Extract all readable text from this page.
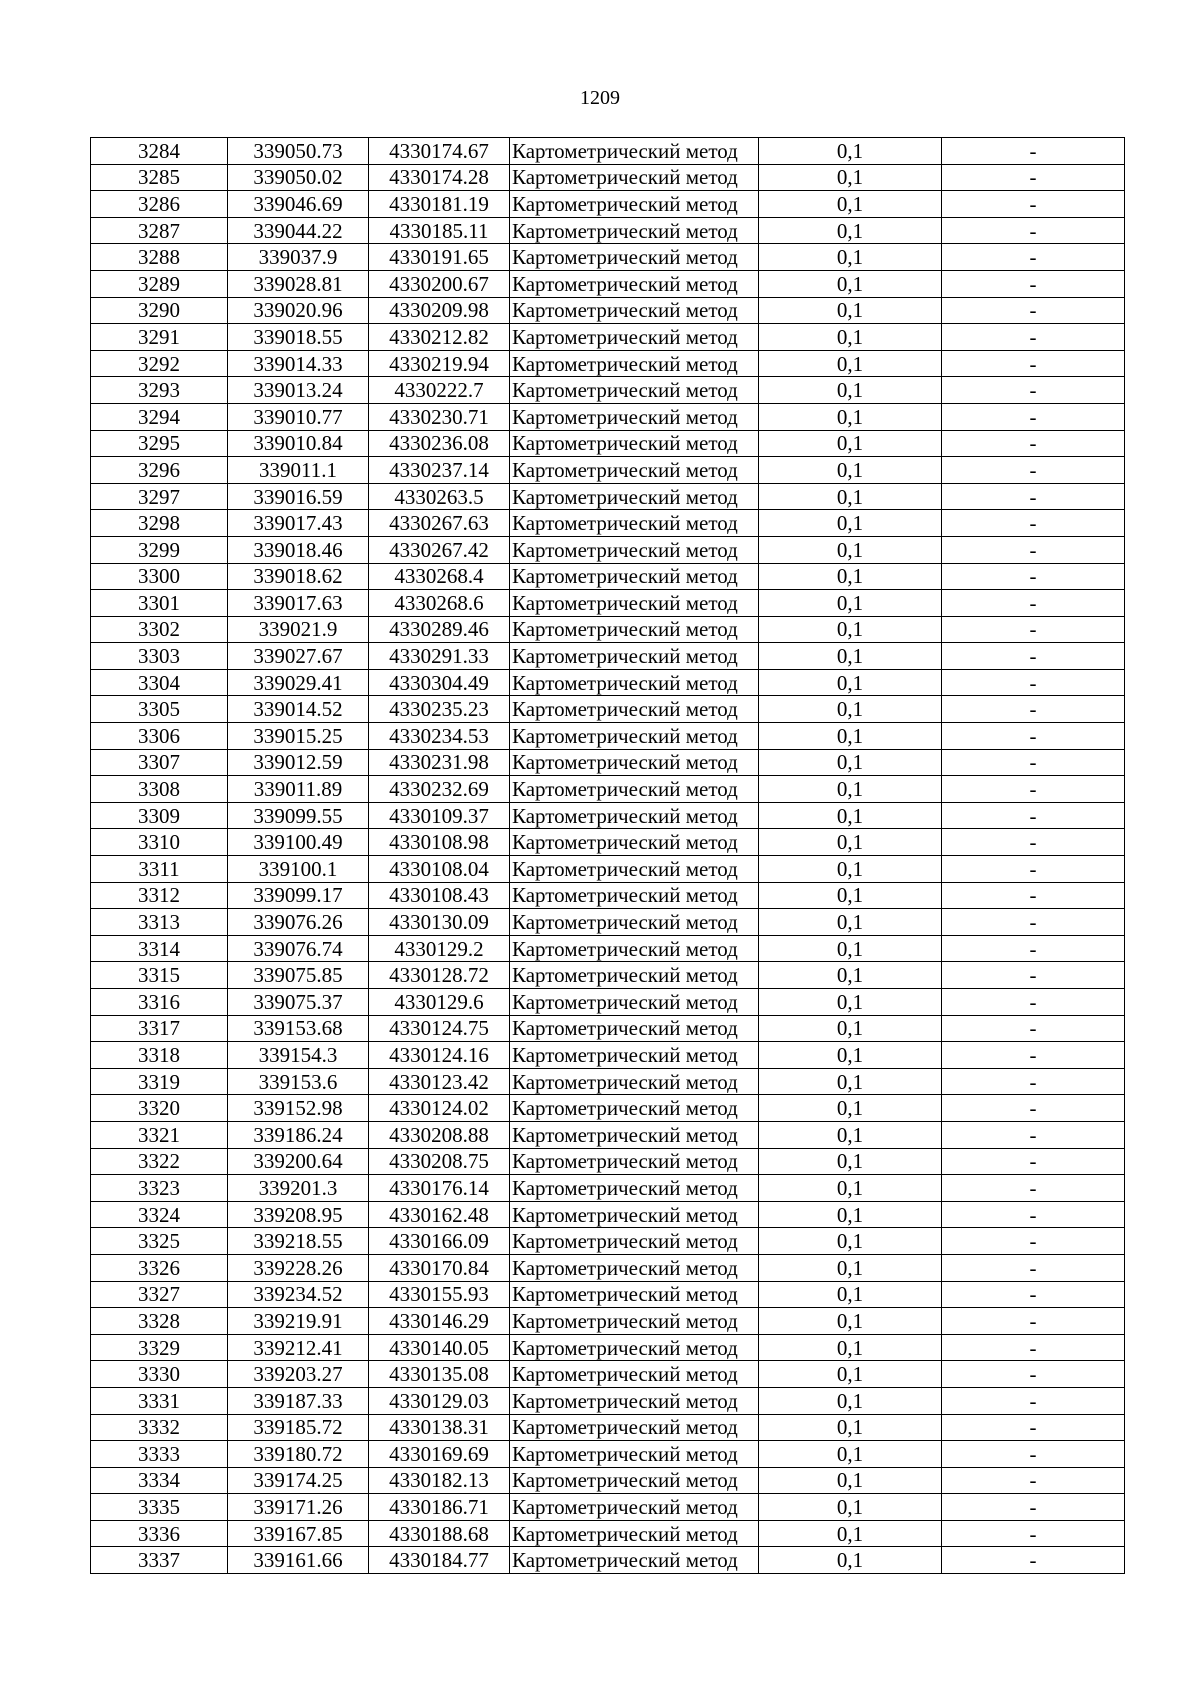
1209
3284	339050.73	4330174.67	Картометрический метод	0,1	-
3285	339050.02	4330174.28	Картометрический метод	0,1	-
3286	339046.69	4330181.19	Картометрический метод	0,1	-
3287	339044.22	4330185.11	Картометрический метод	0,1	-
3288	339037.9	4330191.65	Картометрический метод	0,1	-
3289	339028.81	4330200.67	Картометрический метод	0,1	-
3290	339020.96	4330209.98	Картометрический метод	0,1	-
3291	339018.55	4330212.82	Картометрический метод	0,1	-
3292	339014.33	4330219.94	Картометрический метод	0,1	-
3293	339013.24	4330222.7	Картометрический метод	0,1	-
3294	339010.77	4330230.71	Картометрический метод	0,1	-
3295	339010.84	4330236.08	Картометрический метод	0,1	-
3296	339011.1	4330237.14	Картометрический метод	0,1	-
3297	339016.59	4330263.5	Картометрический метод	0,1	-
3298	339017.43	4330267.63	Картометрический метод	0,1	-
3299	339018.46	4330267.42	Картометрический метод	0,1	-
3300	339018.62	4330268.4	Картометрический метод	0,1	-
3301	339017.63	4330268.6	Картометрический метод	0,1	-
3302	339021.9	4330289.46	Картометрический метод	0,1	-
3303	339027.67	4330291.33	Картометрический метод	0,1	-
3304	339029.41	4330304.49	Картометрический метод	0,1	-
3305	339014.52	4330235.23	Картометрический метод	0,1	-
3306	339015.25	4330234.53	Картометрический метод	0,1	-
3307	339012.59	4330231.98	Картометрический метод	0,1	-
3308	339011.89	4330232.69	Картометрический метод	0,1	-
3309	339099.55	4330109.37	Картометрический метод	0,1	-
3310	339100.49	4330108.98	Картометрический метод	0,1	-
3311	339100.1	4330108.04	Картометрический метод	0,1	-
3312	339099.17	4330108.43	Картометрический метод	0,1	-
3313	339076.26	4330130.09	Картометрический метод	0,1	-
3314	339076.74	4330129.2	Картометрический метод	0,1	-
3315	339075.85	4330128.72	Картометрический метод	0,1	-
3316	339075.37	4330129.6	Картометрический метод	0,1	-
3317	339153.68	4330124.75	Картометрический метод	0,1	-
3318	339154.3	4330124.16	Картометрический метод	0,1	-
3319	339153.6	4330123.42	Картометрический метод	0,1	-
3320	339152.98	4330124.02	Картометрический метод	0,1	-
3321	339186.24	4330208.88	Картометрический метод	0,1	-
3322	339200.64	4330208.75	Картометрический метод	0,1	-
3323	339201.3	4330176.14	Картометрический метод	0,1	-
3324	339208.95	4330162.48	Картометрический метод	0,1	-
3325	339218.55	4330166.09	Картометрический метод	0,1	-
3326	339228.26	4330170.84	Картометрический метод	0,1	-
3327	339234.52	4330155.93	Картометрический метод	0,1	-
3328	339219.91	4330146.29	Картометрический метод	0,1	-
3329	339212.41	4330140.05	Картометрический метод	0,1	-
3330	339203.27	4330135.08	Картометрический метод	0,1	-
3331	339187.33	4330129.03	Картометрический метод	0,1	-
3332	339185.72	4330138.31	Картометрический метод	0,1	-
3333	339180.72	4330169.69	Картометрический метод	0,1	-
3334	339174.25	4330182.13	Картометрический метод	0,1	-
3335	339171.26	4330186.71	Картометрический метод	0,1	-
3336	339167.85	4330188.68	Картометрический метод	0,1	-
3337	339161.66	4330184.77	Картометрический метод	0,1	-
